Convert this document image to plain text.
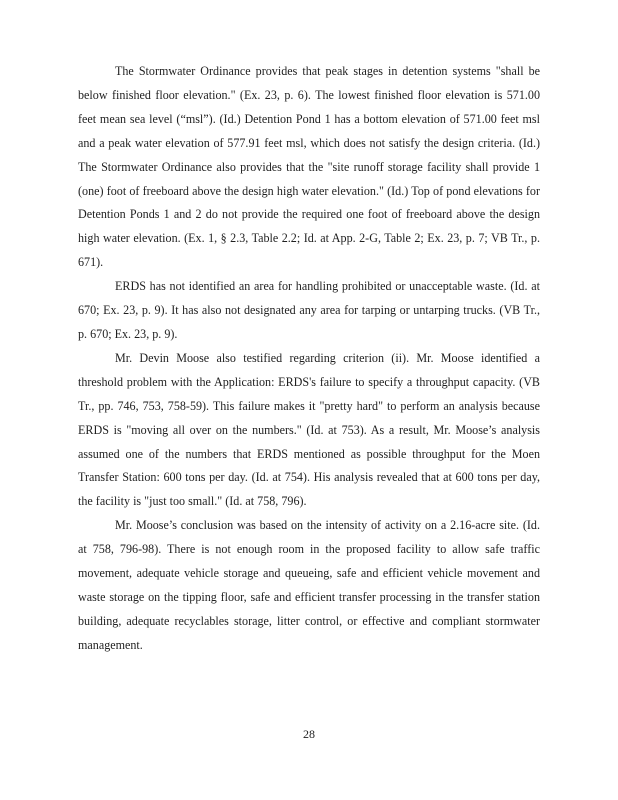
The Stormwater Ordinance provides that peak stages in detention systems "shall be below finished floor elevation." (Ex. 23, p. 6). The lowest finished floor elevation is 571.00 feet mean sea level (“msl”). (Id.) Detention Pond 1 has a bottom elevation of 571.00 feet msl and a peak water elevation of 577.91 feet msl, which does not satisfy the design criteria. (Id.) The Stormwater Ordinance also provides that the "site runoff storage facility shall provide 1 (one) foot of freeboard above the design high water elevation." (Id.) Top of pond elevations for Detention Ponds 1 and 2 do not provide the required one foot of freeboard above the design high water elevation. (Ex. 1, § 2.3, Table 2.2; Id. at App. 2-G, Table 2; Ex. 23, p. 7; VB Tr., p. 671).

ERDS has not identified an area for handling prohibited or unacceptable waste. (Id. at 670; Ex. 23, p. 9). It has also not designated any area for tarping or untarping trucks. (VB Tr., p. 670; Ex. 23, p. 9).

Mr. Devin Moose also testified regarding criterion (ii). Mr. Moose identified a threshold problem with the Application: ERDS's failure to specify a throughput capacity. (VB Tr., pp. 746, 753, 758-59). This failure makes it "pretty hard" to perform an analysis because ERDS is "moving all over on the numbers." (Id. at 753). As a result, Mr. Moose’s analysis assumed one of the numbers that ERDS mentioned as possible throughput for the Moen Transfer Station: 600 tons per day. (Id. at 754). His analysis revealed that at 600 tons per day, the facility is "just too small." (Id. at 758, 796).

Mr. Moose’s conclusion was based on the intensity of activity on a 2.16-acre site. (Id. at 758, 796-98). There is not enough room in the proposed facility to allow safe traffic movement, adequate vehicle storage and queueing, safe and efficient vehicle movement and waste storage on the tipping floor, safe and efficient transfer processing in the transfer station building, adequate recyclables storage, litter control, or effective and compliant stormwater management.

28
